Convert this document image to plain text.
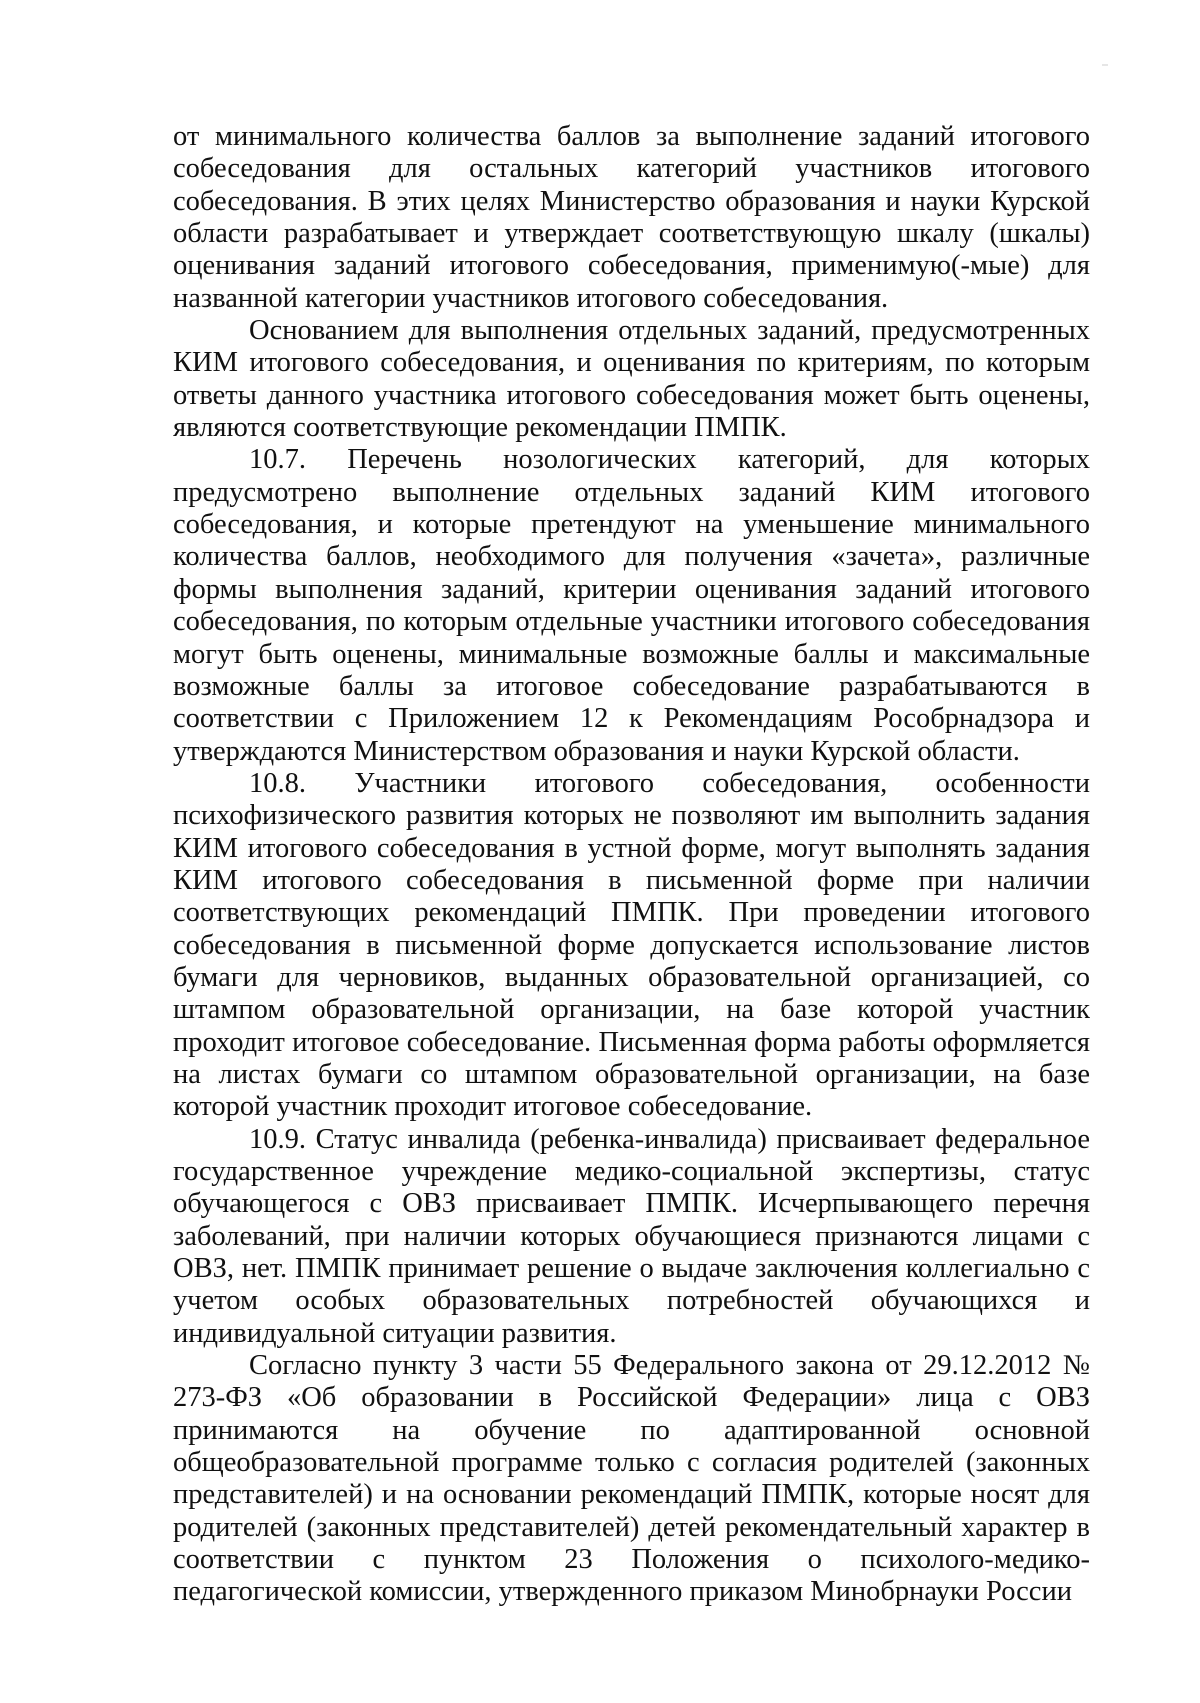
от минимального количества баллов за выполнение заданий итогового собеседования для остальных категорий участников итогового собеседования. В этих целях Министерство образования и науки Курской области разрабатывает и утверждает соответствующую шкалу (шкалы) оценивания заданий итогового собеседования, применимую(-мые) для названной категории участников итогового собеседования.

Основанием для выполнения отдельных заданий, предусмотренных КИМ итогового собеседования, и оценивания по критериям, по которым ответы данного участника итогового собеседования может быть оценены, являются соответствующие рекомендации ПМПК.

10.7. Перечень нозологических категорий, для которых предусмотрено выполнение отдельных заданий КИМ итогового собеседования, и которые претендуют на уменьшение минимального количества баллов, необходимого для получения «зачета», различные формы выполнения заданий, критерии оценивания заданий итогового собеседования, по которым отдельные участники итогового собеседования могут быть оценены, минимальные возможные баллы и максимальные возможные баллы за итоговое собеседование разрабатываются в соответствии с Приложением 12 к Рекомендациям Рособрнадзора и утверждаются Министерством образования и науки Курской области.

10.8. Участники итогового собеседования, особенности психофизического развития которых не позволяют им выполнить задания КИМ итогового собеседования в устной форме, могут выполнять задания КИМ итогового собеседования в письменной форме при наличии соответствующих рекомендаций ПМПК. При проведении итогового собеседования в письменной форме допускается использование листов бумаги для черновиков, выданных образовательной организацией, со штампом образовательной организации, на базе которой участник проходит итоговое собеседование. Письменная форма работы оформляется на листах бумаги со штампом образовательной организации, на базе которой участник проходит итоговое собеседование.

10.9. Статус инвалида (ребенка-инвалида) присваивает федеральное государственное учреждение медико-социальной экспертизы, статус обучающегося с ОВЗ присваивает ПМПК. Исчерпывающего перечня заболеваний, при наличии которых обучающиеся признаются лицами с ОВЗ, нет. ПМПК принимает решение о выдаче заключения коллегиально с учетом особых образовательных потребностей обучающихся и индивидуальной ситуации развития.

Согласно пункту 3 части 55 Федерального закона от 29.12.2012 № 273-ФЗ «Об образовании в Российской Федерации» лица с ОВЗ принимаются на обучение по адаптированной основной общеобразовательной программе только с согласия родителей (законных представителей) и на основании рекомендаций ПМПК, которые носят для родителей (законных представителей) детей рекомендательный характер в соответствии с пунктом 23 Положения о психолого-медико-педагогической комиссии, утвержденного приказом Минобрнауки России
